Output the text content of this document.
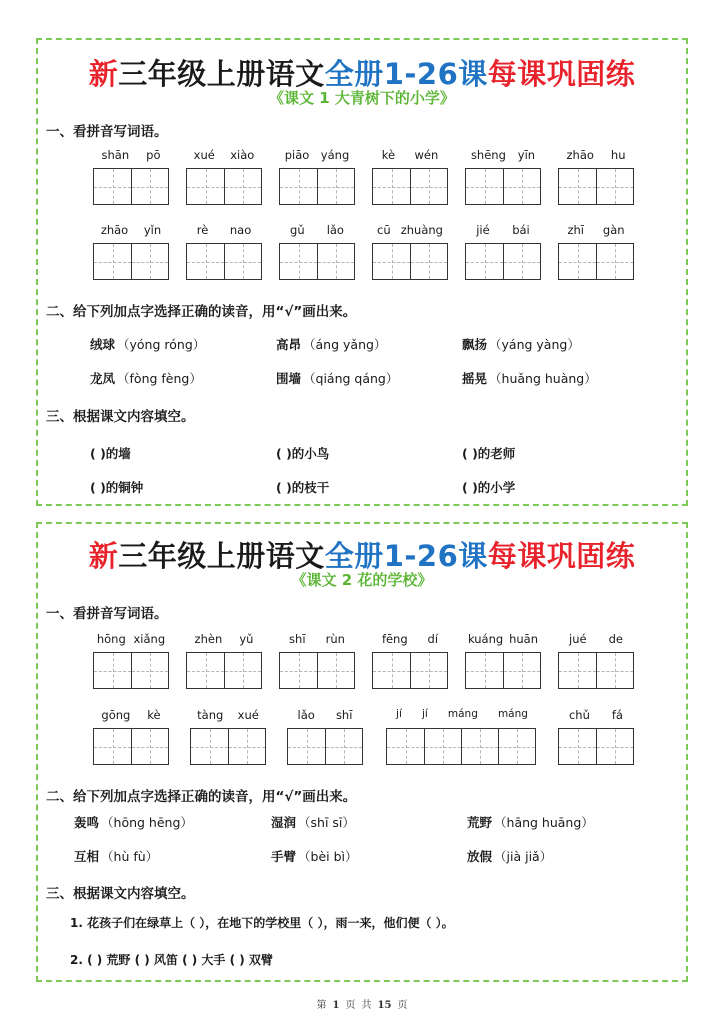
新三年级上册语文全册1-26课每课巩固练
《课文 1 大青树下的小学》
一、看拼音写词语。
shān pō	xué xiào	piāo yáng	kè wén	shēng yīn	zhāo hu
zhāo yǐn	rè nao	gǔ lǎo	cū zhuàng	jié bái	zhī gàn
二、给下列加点字选择正确的读音，用“√”画出来。
绒球 （yóng róng）	高昂 （áng yǎng）	飘扬 （yáng yàng）
龙凤 （fòng fèng）	围墙 （qiáng qáng）	摇晃 （huǎng huàng）
三、根据课文内容填空。
( )的墙	( )的小鸟	( )的老师
( )的铜钟	( )的枝干	( )的小学
新三年级上册语文全册1-26课每课巩固练
《课文 2 花的学校》
一、看拼音写词语。
hōng xiǎng	zhèn yǔ	shī rùn	fēng dí	kuáng huān	jué de
gōng kè	tàng xué	lǎo shī	jí jí máng máng	chǔ fá
二、给下列加点字选择正确的读音，用“√”画出来。
轰鸣 （hōng hēng）	湿润 （shī sī）	荒野 （hāng huāng）
互相 （hù fù）	手臂 （bèi bì）	放假 （jià jiǎ）
三、根据课文内容填空。
1. 花孩子们在绿草上（ ），在地下的学校里（ ），雨一来，他们便（ ）。
2. ( ) 荒野 ( ) 风笛 ( ) 大手 ( ) 双臂
第 1 页 共 15 页
